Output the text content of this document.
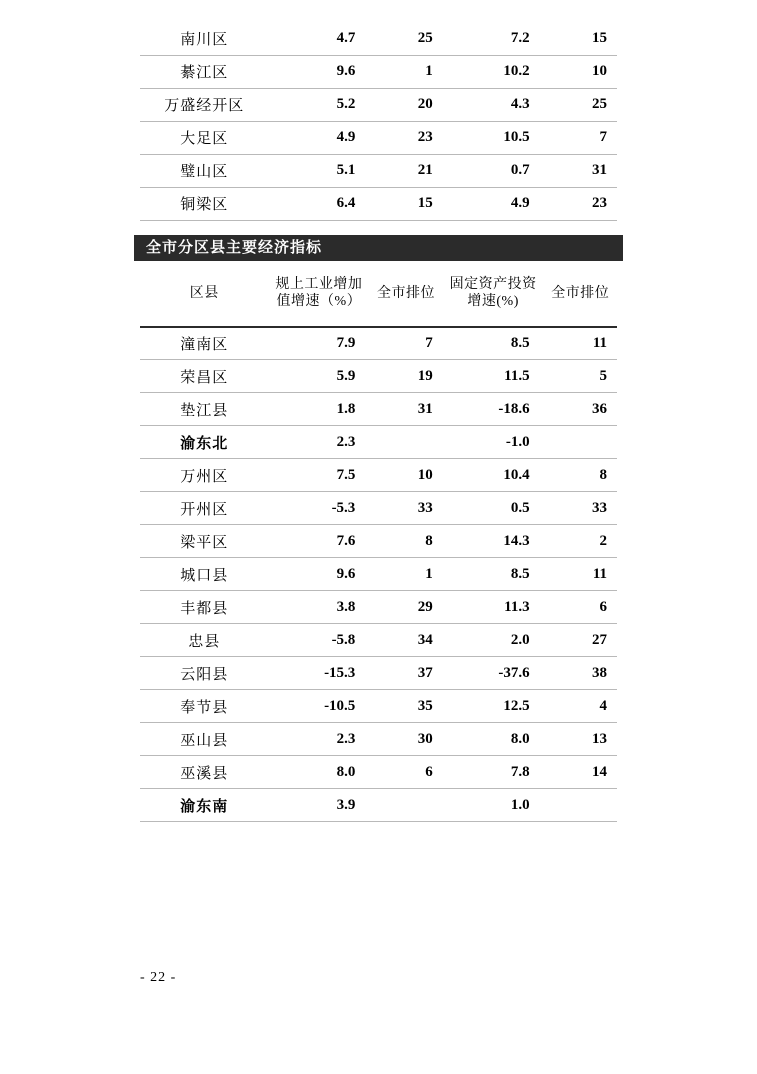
南川区	4.7	25	7.2	15
綦江区	9.6	1	10.2	10
万盛经开区	5.2	20	4.3	25
大足区	4.9	23	10.5	7
璧山区	5.1	21	0.7	31
铜梁区	6.4	15	4.9	23
全市分区县主要经济指标
区县	规上工业增加值增速（%）	全市排位	固定资产投资增速(%)	全市排位
潼南区	7.9	7	8.5	11
荣昌区	5.9	19	11.5	5
垫江县	1.8	31	-18.6	36
渝东北	2.3		-1.0	
万州区	7.5	10	10.4	8
开州区	-5.3	33	0.5	33
梁平区	7.6	8	14.3	2
城口县	9.6	1	8.5	11
丰都县	3.8	29	11.3	6
忠县	-5.8	34	2.0	27
云阳县	-15.3	37	-37.6	38
奉节县	-10.5	35	12.5	4
巫山县	2.3	30	8.0	13
巫溪县	8.0	6	7.8	14
渝东南	3.9		1.0	
- 22 -
